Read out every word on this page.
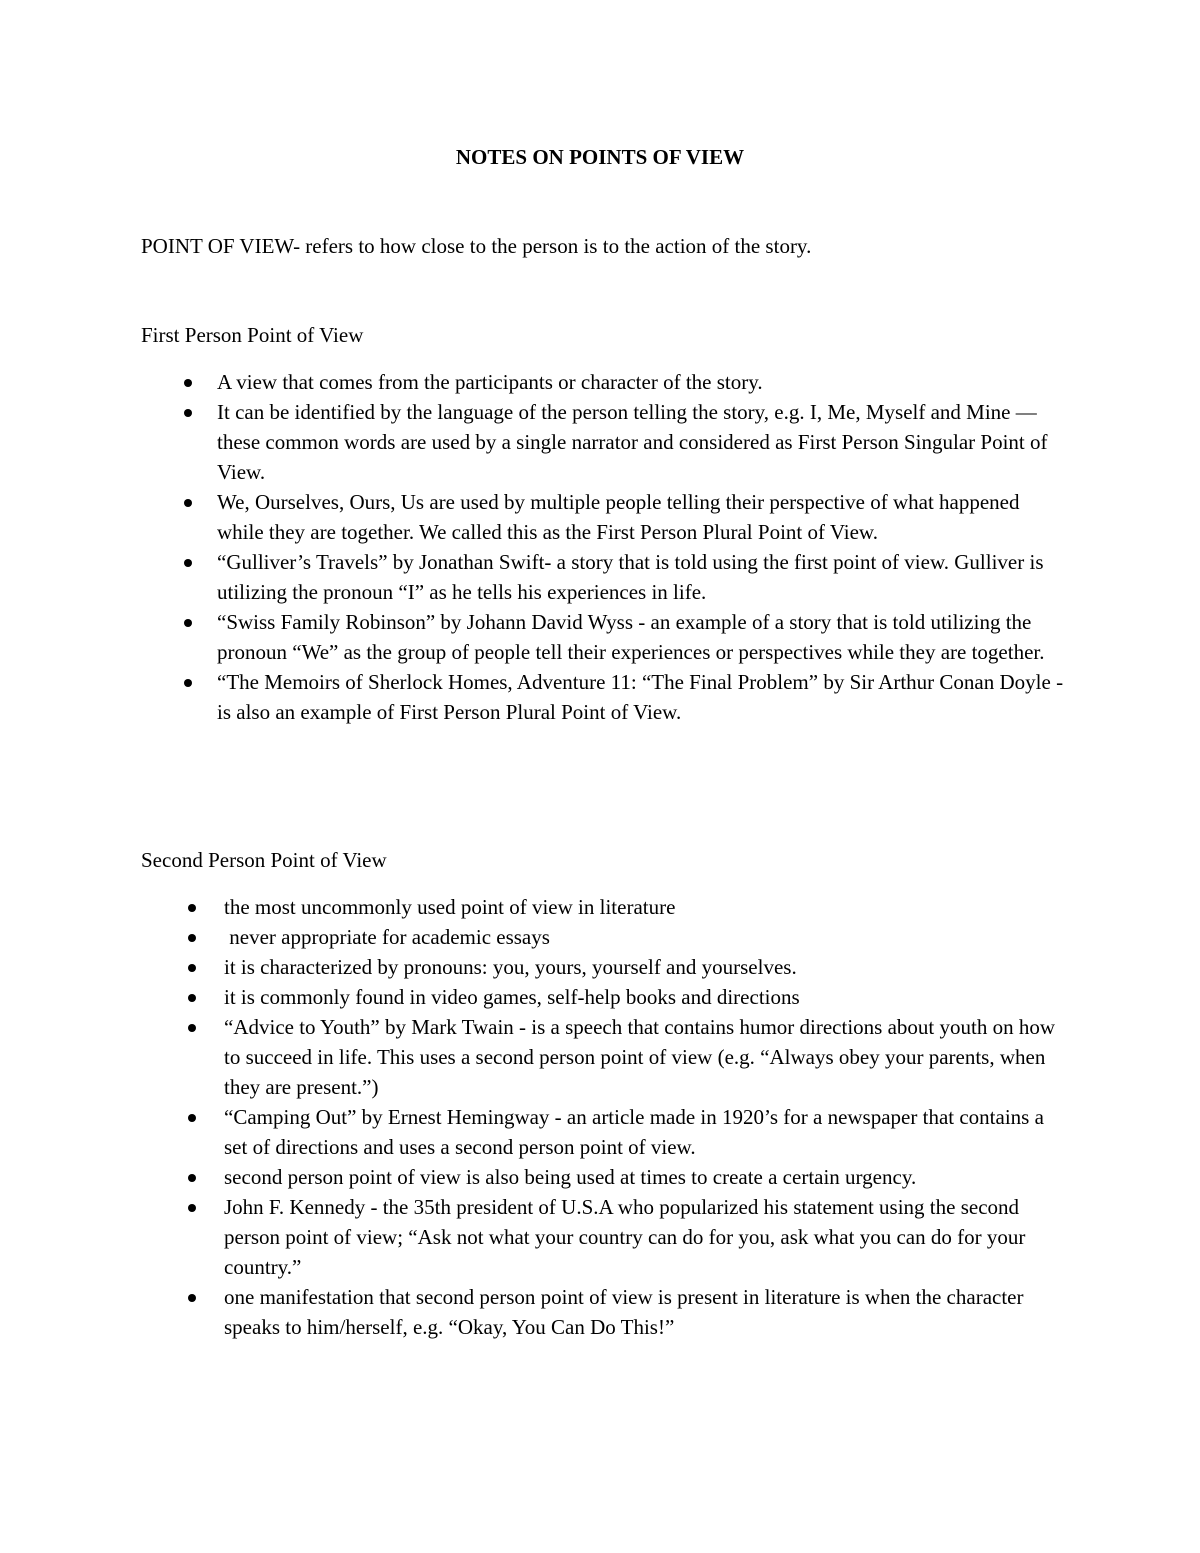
NOTES ON POINTS OF VIEW
POINT OF VIEW- refers to how close to the person is to the action of the story.

First Person Point of View

A view that comes from the participants or character of the story.
It can be identified by the language of the person telling the story, e.g. I, Me, Myself and Mine — these common words are used by a single narrator and considered as First Person Singular Point of View.
We, Ourselves, Ours, Us are used by multiple people telling their perspective of what happened while they are together. We called this as the First Person Plural Point of View.
“Gulliver’s Travels” by Jonathan Swift- a story that is told using the first point of view. Gulliver is utilizing the pronoun “I” as he tells his experiences in life.
“Swiss Family Robinson” by Johann David Wyss - an example of a story that is told utilizing the pronoun “We” as the group of people tell their experiences or perspectives while they are together.
“The Memoirs of Sherlock Homes, Adventure 11: “The Final Problem” by Sir Arthur Conan Doyle - is also an example of First Person Plural Point of View.

Second Person Point of View

the most uncommonly used point of view in literature
never appropriate for academic essays
it is characterized by pronouns: you, yours, yourself and yourselves.
it is commonly found in video games, self-help books and directions
“Advice to Youth” by Mark Twain - is a speech that contains humor directions about youth on how to succeed in life. This uses a second person point of view (e.g. “Always obey your parents, when they are present.”)
“Camping Out” by Ernest Hemingway - an article made in 1920’s for a newspaper that contains a set of directions and uses a second person point of view.
second person point of view is also being used at times to create a certain urgency.
John F. Kennedy - the 35th president of U.S.A who popularized his statement using the second person point of view; “Ask not what your country can do for you, ask what you can do for your country.”
one manifestation that second person point of view is present in literature is when the character speaks to him/herself, e.g. “Okay, You Can Do This!”
